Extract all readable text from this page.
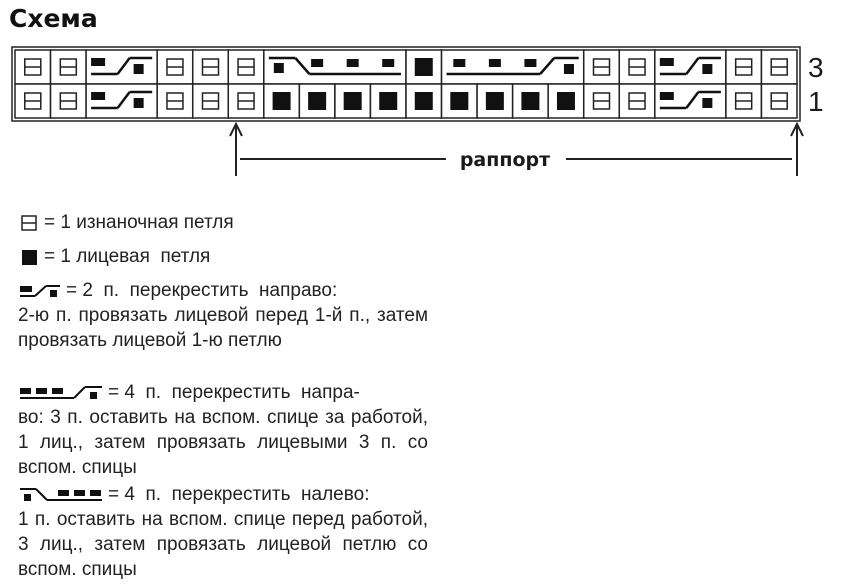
Схема
3
1
раппорт
= 1 изнаночная петля
= 1 лицевая  петля
= 2  п.  перекрестить  направо:
2-ю п. провязать лицевой перед 1-й п., затем провязать лицевой 1-ю петлю
= 4  п.  перекрестить  напра-
во: 3 п. оставить на вспом. спице за работой, 1 лиц., затем провязать лицевыми 3 п. со вспом. спицы
= 4  п.  перекрестить  налево:
1 п. оставить на вспом. спице перед работой, 3 лиц., затем провязать лицевой петлю со вспом. спицы
